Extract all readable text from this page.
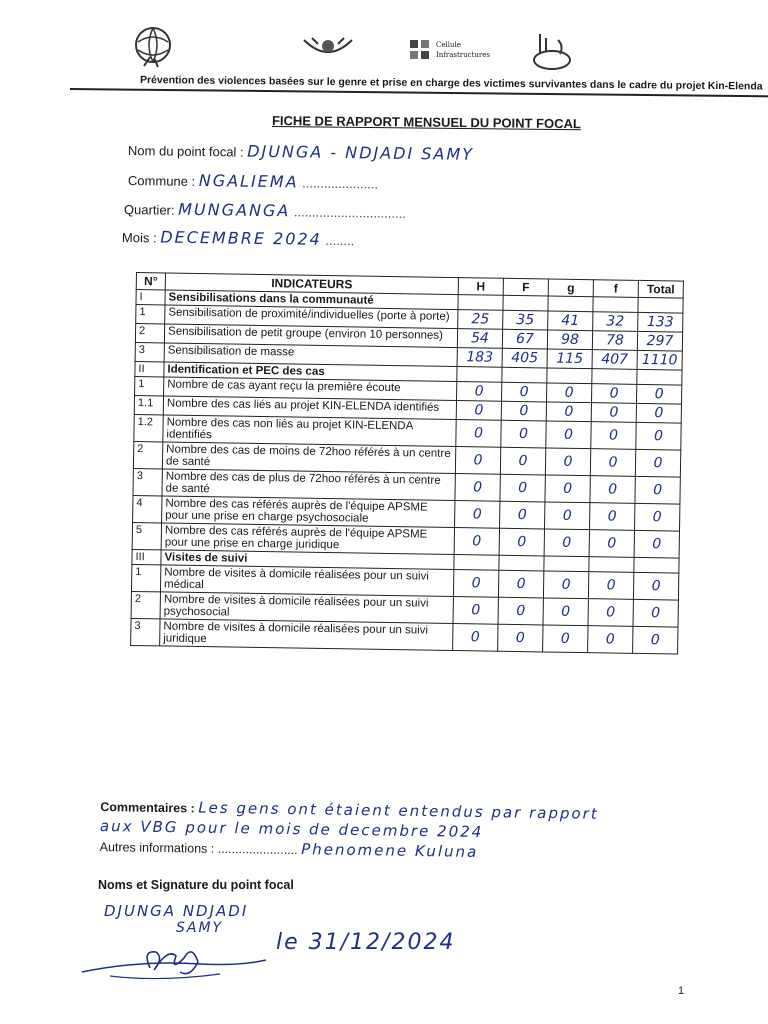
Cellule Infrastructures
Prévention des violences basées sur le genre et prise en charge des victimes survivantes dans le cadre du projet Kin-Elenda
FICHE DE RAPPORT MENSUEL DU POINT FOCAL
Nom du point focal : DJUNGA - NDJADI SAMY
Commune : NGALIEMA .....................
Quartier: MUNGANGA ...............................
Mois : DECEMBRE 2024 ........
N°	INDICATEURS	H	F	g	f	Total
I	Sensibilisations dans la communauté					
1	Sensibilisation de proximité/individuelles (porte à porte)	25	35	41	32	133
2	Sensibilisation de petit groupe (environ 10 personnes)	54	67	98	78	297
3	Sensibilisation de masse	183	405	115	407	1110
II	Identification et PEC des cas					
1	Nombre de cas ayant reçu la première écoute	0	0	0	0	0
1.1	Nombre des cas liés au projet KIN-ELENDA identifiés	0	0	0	0	0
1.2	Nombre des cas non liés au projet KIN-ELENDA identifiés	0	0	0	0	0
2	Nombre des cas de moins de 72hoo référés à un centre de santé	0	0	0	0	0
3	Nombre des cas de plus de 72hoo référés à un centre de santé	0	0	0	0	0
4	Nombre des cas référés auprès de l'équipe APSME pour une prise en charge psychosociale	0	0	0	0	0
5	Nombre des cas référés auprès de l'équipe APSME pour une prise en charge juridique	0	0	0	0	0
III	Visites de suivi					
1	Nombre de visites à domicile réalisées pour un suivi médical	0	0	0	0	0
2	Nombre de visites à domicile réalisées pour un suivi psychosocial	0	0	0	0	0
3	Nombre de visites à domicile réalisées pour un suivi juridique	0	0	0	0	0
Commentaires : Les gens ont étaient entendus par rapport
aux VBG pour le mois de decembre 2024
Autres informations : ....................... Phenomene Kuluna
Noms et Signature du point focal
DJUNGA NDJADI
SAMY
le 31/12/2024
1
